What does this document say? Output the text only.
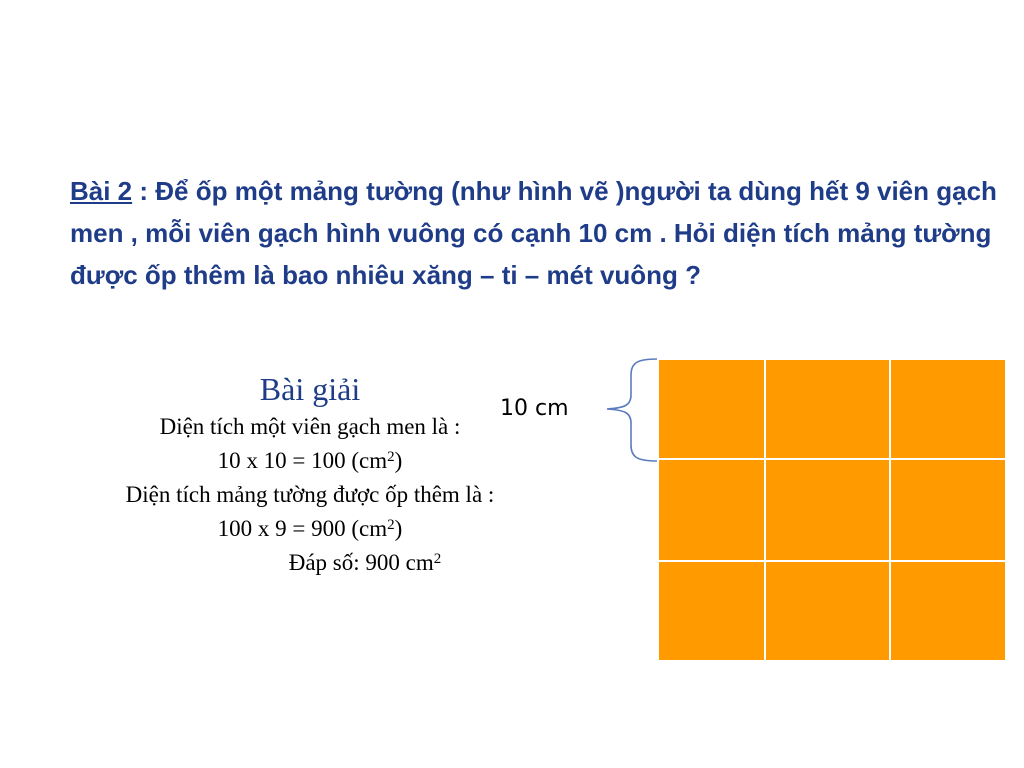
Bài 2 : Để ốp một mảng tường (như hình vẽ )người ta dùng hết 9 viên gạch men , mỗi viên gạch hình vuông có cạnh 10 cm . Hỏi diện tích mảng tường được ốp thêm là bao nhiêu xăng – ti – mét vuông ?

Bài giải
Diện tích một viên gạch men là :
10 x 10 = 100 $(cm^2)$
Diện tích mảng tường được ốp thêm là :
100 x 9 = 900 $(cm^2)$
Đáp số: 900 $cm^2$
10 cm
